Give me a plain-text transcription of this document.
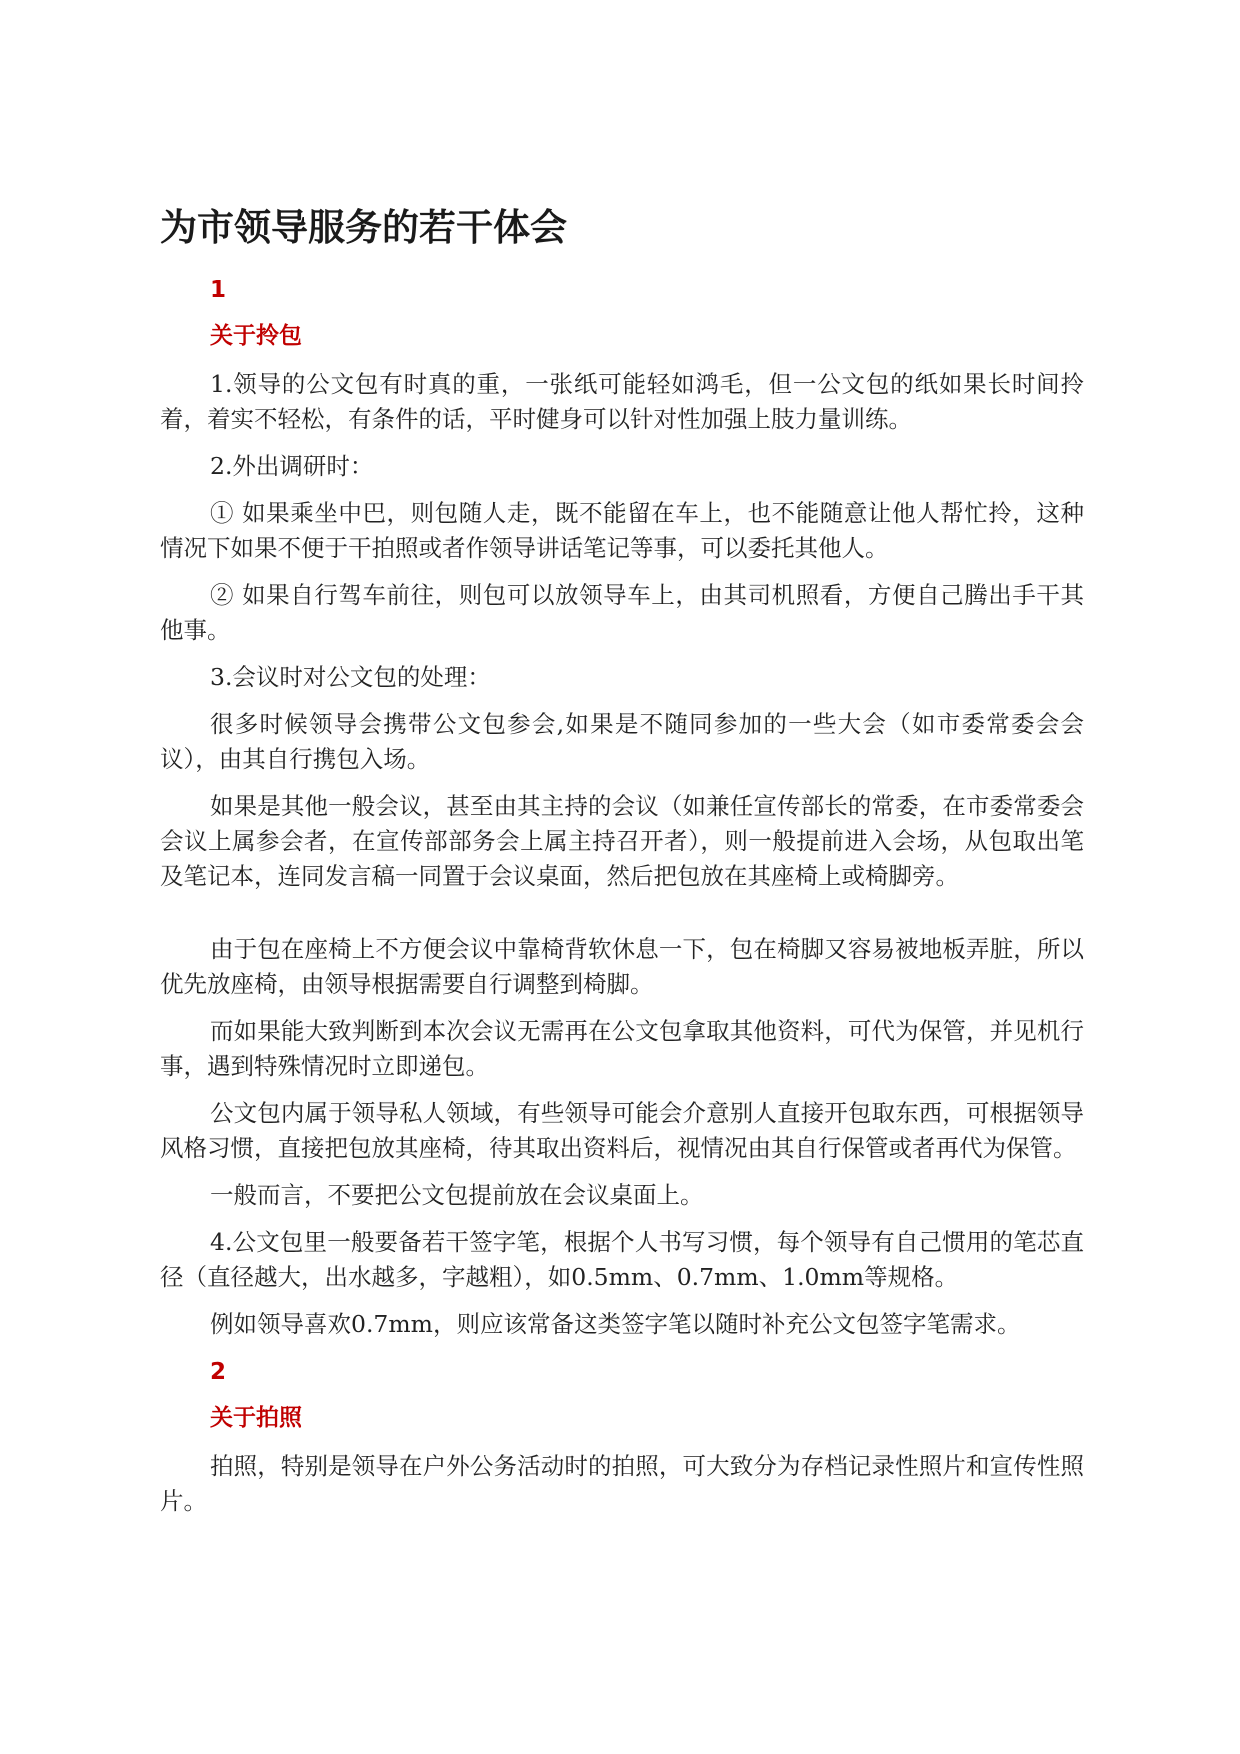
为市领导服务的若干体会

1

关于拎包

1.领导的公文包有时真的重，一张纸可能轻如鸿毛，但一公文包的纸如果长时间拎着，着实不轻松，有条件的话，平时健身可以针对性加强上肢力量训练。

2.外出调研时：

① 如果乘坐中巴，则包随人走，既不能留在车上，也不能随意让他人帮忙拎，这种情况下如果不便于干拍照或者作领导讲话笔记等事，可以委托其他人。

② 如果自行驾车前往，则包可以放领导车上，由其司机照看，方便自己腾出手干其他事。

3.会议时对公文包的处理：

很多时候领导会携带公文包参会,如果是不随同参加的一些大会（如市委常委会会议），由其自行携包入场。

如果是其他一般会议，甚至由其主持的会议（如兼任宣传部长的常委，在市委常委会会议上属参会者，在宣传部部务会上属主持召开者），则一般提前进入会场，从包取出笔及笔记本，连同发言稿一同置于会议桌面，然后把包放在其座椅上或椅脚旁。

由于包在座椅上不方便会议中靠椅背软休息一下，包在椅脚又容易被地板弄脏，所以优先放座椅，由领导根据需要自行调整到椅脚。

而如果能大致判断到本次会议无需再在公文包拿取其他资料，可代为保管，并见机行事，遇到特殊情况时立即递包。

公文包内属于领导私人领域，有些领导可能会介意别人直接开包取东西，可根据领导风格习惯，直接把包放其座椅，待其取出资料后，视情况由其自行保管或者再代为保管。

一般而言，不要把公文包提前放在会议桌面上。

4.公文包里一般要备若干签字笔，根据个人书写习惯，每个领导有自己惯用的笔芯直径（直径越大，出水越多，字越粗），如0.5mm、0.7mm、1.0mm等规格。

例如领导喜欢0.7mm，则应该常备这类签字笔以随时补充公文包签字笔需求。

2

关于拍照

拍照，特别是领导在户外公务活动时的拍照，可大致分为存档记录性照片和宣传性照片。
